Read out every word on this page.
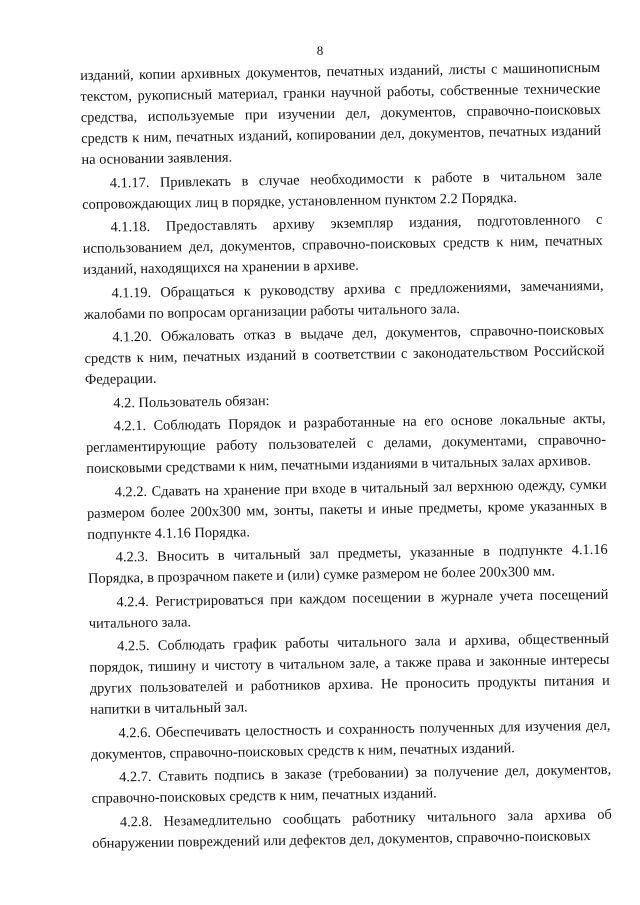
8

изданий, копии архивных документов, печатных изданий, листы с машинописным текстом, рукописный материал, гранки научной работы, собственные технические средства, используемые при изучении дел, документов, справочно-поисковых средств к ним, печатных изданий, копировании дел, документов, печатных изданий на основании заявления.

4.1.17. Привлекать в случае необходимости к работе в читальном зале сопровождающих лиц в порядке, установленном пунктом 2.2 Порядка.

4.1.18. Предоставлять архиву экземпляр издания, подготовленного с использованием дел, документов, справочно-поисковых средств к ним, печатных изданий, находящихся на хранении в архиве.

4.1.19. Обращаться к руководству архива с предложениями, замечаниями, жалобами по вопросам организации работы читального зала.

4.1.20. Обжаловать отказ в выдаче дел, документов, справочно-поисковых средств к ним, печатных изданий в соответствии с законодательством Российской Федерации.

4.2. Пользователь обязан:

4.2.1. Соблюдать Порядок и разработанные на его основе локальные акты, регламентирующие работу пользователей с делами, документами, справочно-поисковыми средствами к ним, печатными изданиями в читальных залах архивов.

4.2.2. Сдавать на хранение при входе в читальный зал верхнюю одежду, сумки размером более 200х300 мм, зонты, пакеты и иные предметы, кроме указанных в подпункте 4.1.16 Порядка.

4.2.3. Вносить в читальный зал предметы, указанные в подпункте 4.1.16 Порядка, в прозрачном пакете и (или) сумке размером не более 200х300 мм.

4.2.4. Регистрироваться при каждом посещении в журнале учета посещений читального зала.

4.2.5. Соблюдать график работы читального зала и архива, общественный порядок, тишину и чистоту в читальном зале, а также права и законные интересы других пользователей и работников архива. Не проносить продукты питания и напитки в читальный зал.

4.2.6. Обеспечивать целостность и сохранность полученных для изучения дел, документов, справочно-поисковых средств к ним, печатных изданий.

4.2.7. Ставить подпись в заказе (требовании) за получение дел, документов, справочно-поисковых средств к ним, печатных изданий.

4.2.8. Незамедлительно сообщать работнику читального зала архива об обнаружении повреждений или дефектов дел, документов, справочно-поисковых
